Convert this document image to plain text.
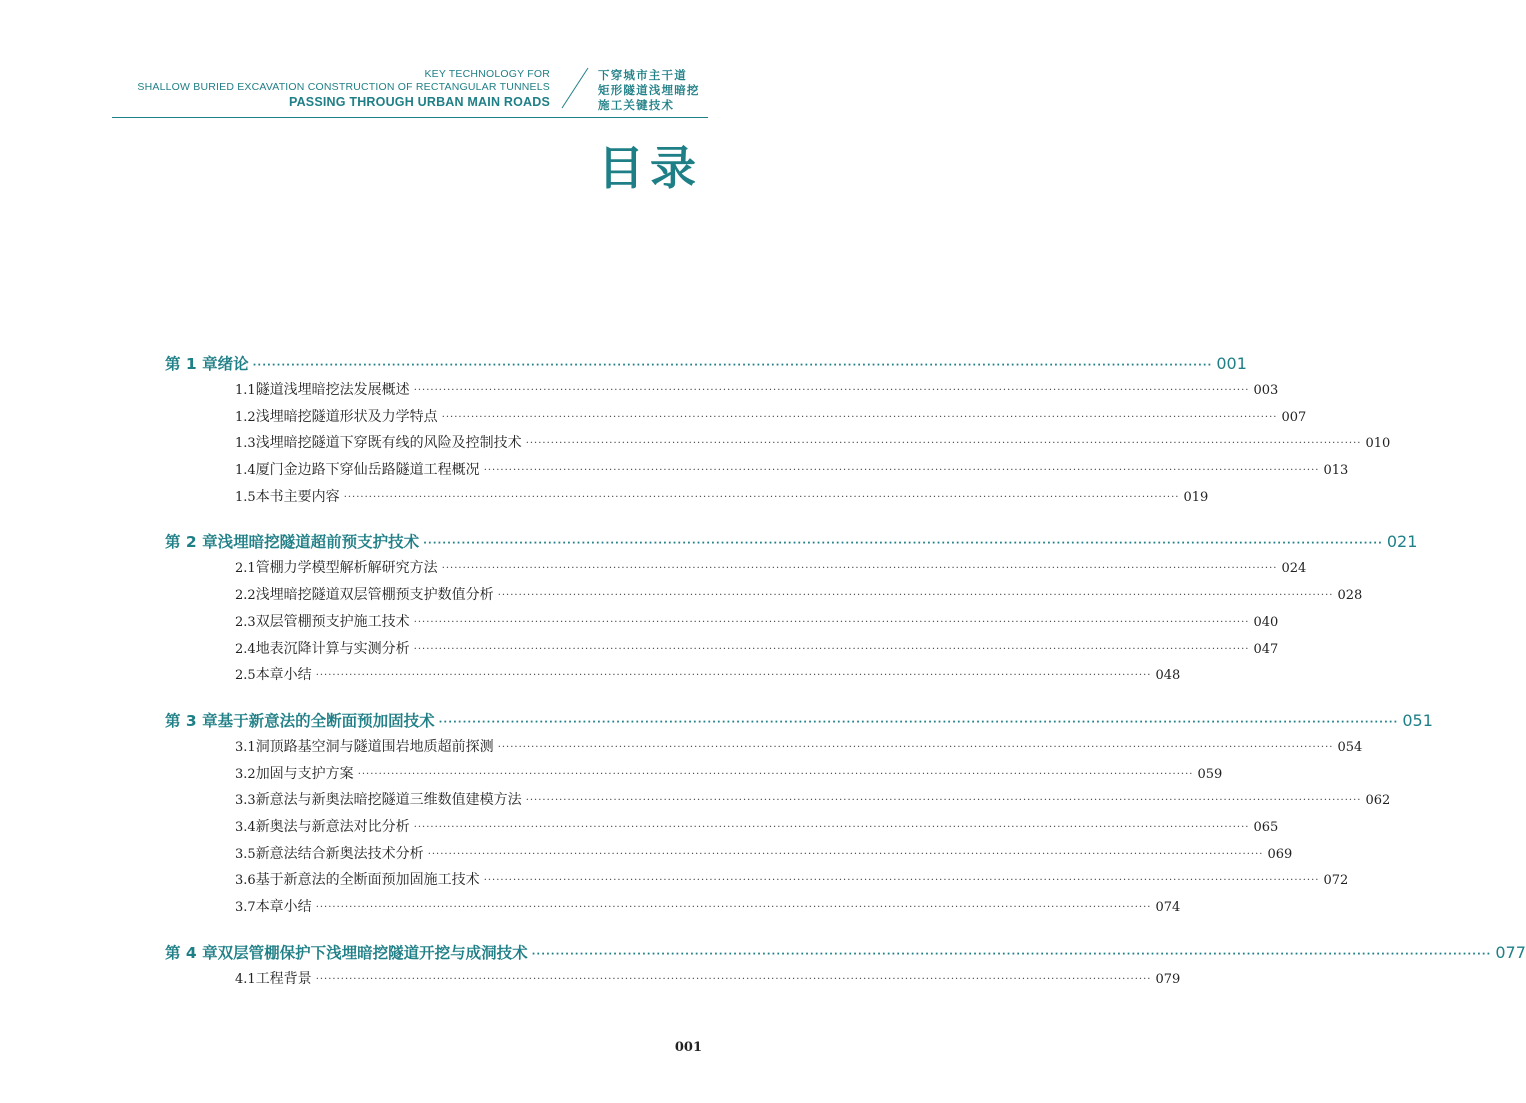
KEY TECHNOLOGY FOR
SHALLOW BURIED EXCAVATION CONSTRUCTION OF RECTANGULAR TUNNELS
PASSING THROUGH URBAN MAIN ROADS
下穿城市主干道
矩形隧道浅埋暗挖
施工关键技术
目录
第 1 章 绪论 ········································································································································································································ 001
1.1 隧道浅埋暗挖法发展概述 ········································································································································································································ 003
1.2 浅埋暗挖隧道形状及力学特点 ········································································································································································································ 007
1.3 浅埋暗挖隧道下穿既有线的风险及控制技术 ········································································································································································································ 010
1.4 厦门金边路下穿仙岳路隧道工程概况 ········································································································································································································ 013
1.5 本书主要内容 ········································································································································································································ 019
第 2 章 浅埋暗挖隧道超前预支护技术 ········································································································································································································ 021
2.1 管棚力学模型解析解研究方法 ········································································································································································································ 024
2.2 浅埋暗挖隧道双层管棚预支护数值分析 ········································································································································································································ 028
2.3 双层管棚预支护施工技术 ········································································································································································································ 040
2.4 地表沉降计算与实测分析 ········································································································································································································ 047
2.5 本章小结 ········································································································································································································ 048
第 3 章 基于新意法的全断面预加固技术 ········································································································································································································ 051
3.1 洞顶路基空洞与隧道围岩地质超前探测 ········································································································································································································ 054
3.2 加固与支护方案 ········································································································································································································ 059
3.3 新意法与新奥法暗挖隧道三维数值建模方法 ········································································································································································································ 062
3.4 新奥法与新意法对比分析 ········································································································································································································ 065
3.5 新意法结合新奥法技术分析 ········································································································································································································ 069
3.6 基于新意法的全断面预加固施工技术 ········································································································································································································ 072
3.7 本章小结 ········································································································································································································ 074
第 4 章 双层管棚保护下浅埋暗挖隧道开挖与成洞技术 ········································································································································································································ 077
4.1 工程背景 ········································································································································································································ 079
001
